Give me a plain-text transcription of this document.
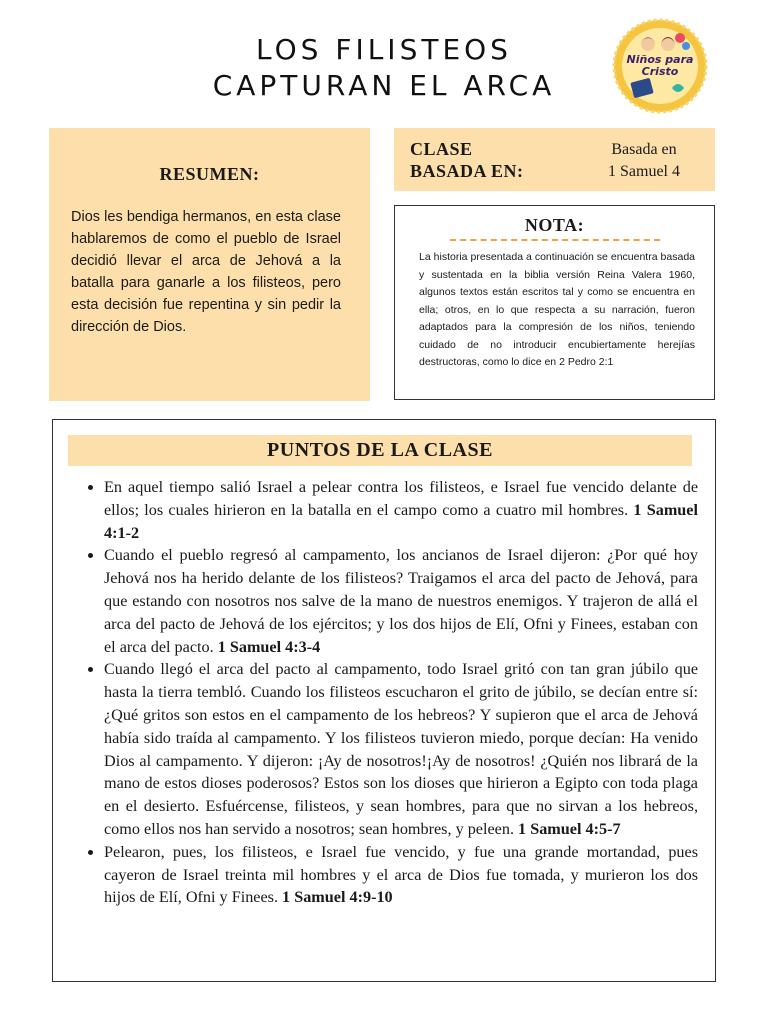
LOS FILISTEOS
CAPTURAN EL ARCA
Niños para
Cristo
RESUMEN:

Dios les bendiga hermanos, en esta clase hablaremos de como el pueblo de Israel decidió llevar el arca de Jehová a la batalla para ganarle a los filisteos, pero esta decisión fue repentina y sin pedir la dirección de Dios.

CLASE
BASADA EN:
Basada en
1 Samuel 4
NOTA:

La historia presentada a continuación se encuentra basada y sustentada en la biblia versión Reina Valera 1960, algunos textos están escritos tal y como se encuentra en ella; otros, en lo que respecta a su narración, fueron adaptados para la compresión de los niños, teniendo cuidado de no introducir encubiertamente herejías destructoras, como lo dice en 2 Pedro 2:1

PUNTOS DE LA CLASE
• En aquel tiempo salió Israel a pelear contra los filisteos, e Israel fue vencido delante de ellos; los cuales hirieron en la batalla en el campo como a cuatro mil hombres. 1 Samuel 4:1-2
• Cuando el pueblo regresó al campamento, los ancianos de Israel dijeron: ¿Por qué hoy Jehová nos ha herido delante de los filisteos? Traigamos el arca del pacto de Jehová, para que estando con nosotros nos salve de la mano de nuestros enemigos. Y trajeron de allá el arca del pacto de Jehová de los ejércitos; y los dos hijos de Elí, Ofni y Finees, estaban con el arca del pacto. 1 Samuel 4:3-4
• Cuando llegó el arca del pacto al campamento, todo Israel gritó con tan gran júbilo que hasta la tierra tembló. Cuando los filisteos escucharon el grito de júbilo, se decían entre sí: ¿Qué gritos son estos en el campamento de los hebreos? Y supieron que el arca de Jehová había sido traída al campamento. Y los filisteos tuvieron miedo, porque decían: Ha venido Dios al campamento. Y dijeron: ¡Ay de nosotros!¡Ay de nosotros! ¿Quién nos librará de la mano de estos dioses poderosos? Estos son los dioses que hirieron a Egipto con toda plaga en el desierto. Esfuércense, filisteos, y sean hombres, para que no sirvan a los hebreos, como ellos nos han servido a nosotros; sean hombres, y peleen. 1 Samuel 4:5-7
• Pelearon, pues, los filisteos, e Israel fue vencido, y fue una grande mortandad, pues cayeron de Israel treinta mil hombres y el arca de Dios fue tomada, y murieron los dos hijos de Elí, Ofni y Finees. 1 Samuel 4:9-10
